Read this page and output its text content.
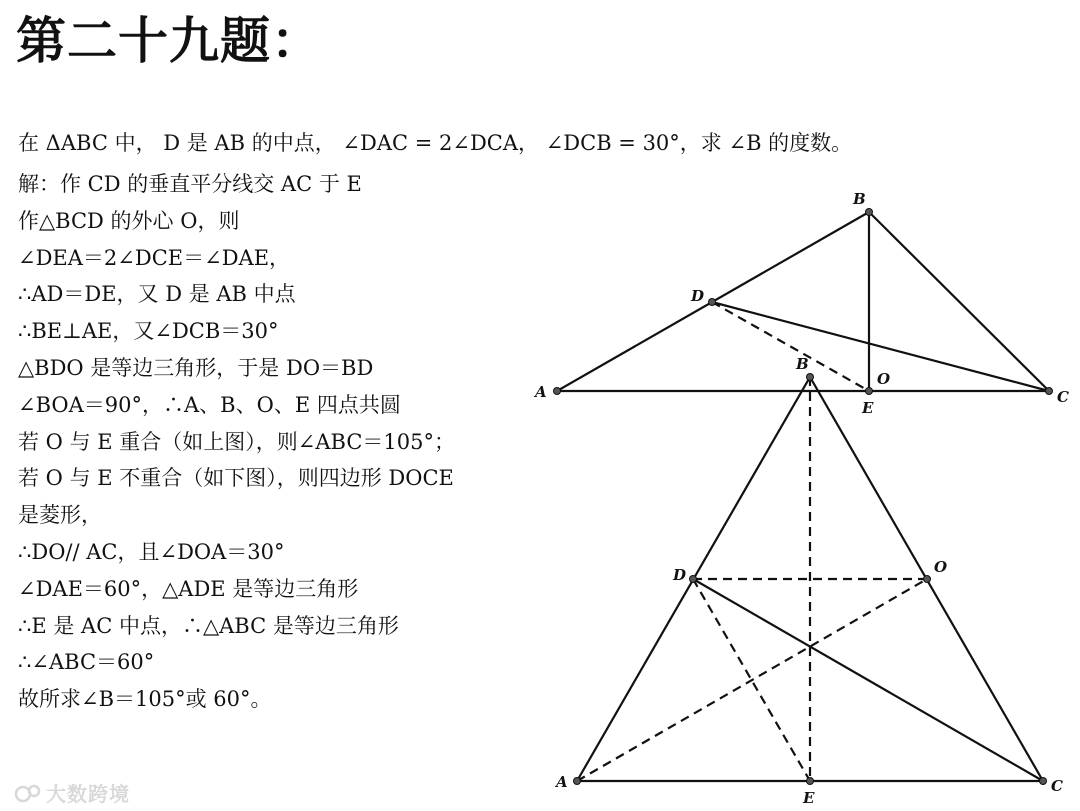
第二十九题：
在 ΔABC 中， D 是 AB 的中点， ∠DAC = 2∠DCA， ∠DCB = 30°，求 ∠B 的度数。
解：作 CD 的垂直平分线交 AC 于 E
作△BCD 的外心 O，则
∠DEA＝2∠DCE＝∠DAE，
∴AD＝DE，又 D 是 AB 中点
∴BE⊥AE，又∠DCB＝30°
△BDO 是等边三角形，于是 DO＝BD
∠BOA＝90°，∴A、B、O、E 四点共圆
若 O 与 E 重合（如上图），则∠ABC＝105°；
若 O 与 E 不重合（如下图），则四边形 DOCE
是菱形，
∴DO// AC，且∠DOA＝30°
∠DAE＝60°，△ADE 是等边三角形
∴E 是 AC 中点，∴△ABC 是等边三角形
∴∠ABC＝60°
故所求∠B＝105°或 60°。
A
B
C
D
O
E
A
B
C
D	O
E
大数跨境
